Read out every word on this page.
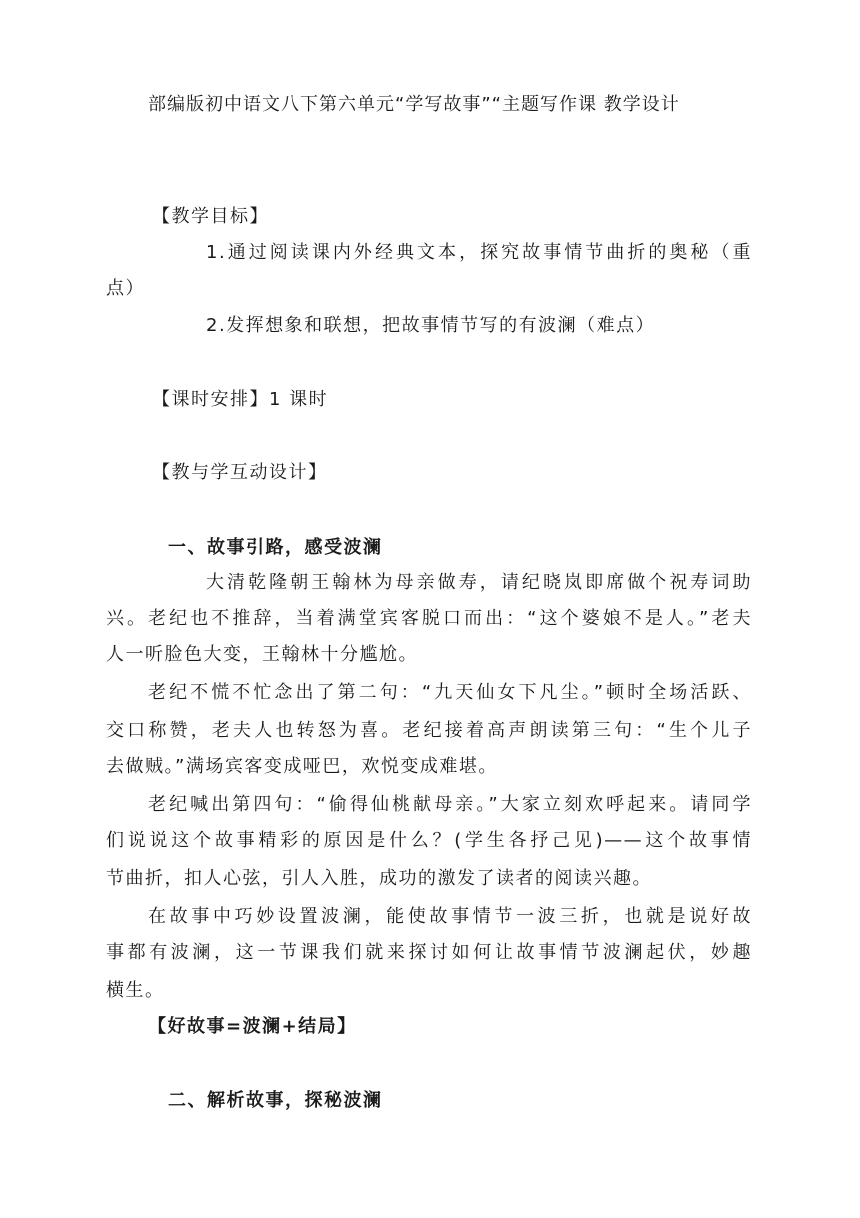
部编版初中语文八下第六单元“学写故事”“主题写作课 教学设计
【教学目标】
1.通过阅读课内外经典文本，探究故事情节曲折的奥秘（重
点）
2.发挥想象和联想，把故事情节写的有波澜（难点）
【课时安排】1 课时
【教与学互动设计】
一、故事引路，感受波澜
大清乾隆朝王翰林为母亲做寿，请纪晓岚即席做个祝寿词助
兴。老纪也不推辞，当着满堂宾客脱口而出：“这个婆娘不是人。”老夫
人一听脸色大变，王翰林十分尴尬。
老纪不慌不忙念出了第二句：“九天仙女下凡尘。”顿时全场活跃、
交口称赞，老夫人也转怒为喜。老纪接着高声朗读第三句：“生个儿子
去做贼。”满场宾客变成哑巴，欢悦变成难堪。
老纪喊出第四句：“偷得仙桃献母亲。”大家立刻欢呼起来。请同学
们说说这个故事精彩的原因是什么？(学生各抒己见)——这个故事情
节曲折，扣人心弦，引人入胜，成功的激发了读者的阅读兴趣。
在故事中巧妙设置波澜，能使故事情节一波三折，也就是说好故
事都有波澜，这一节课我们就来探讨如何让故事情节波澜起伏，妙趣
横生。
【好故事=波澜+结局】
二、解析故事，探秘波澜
